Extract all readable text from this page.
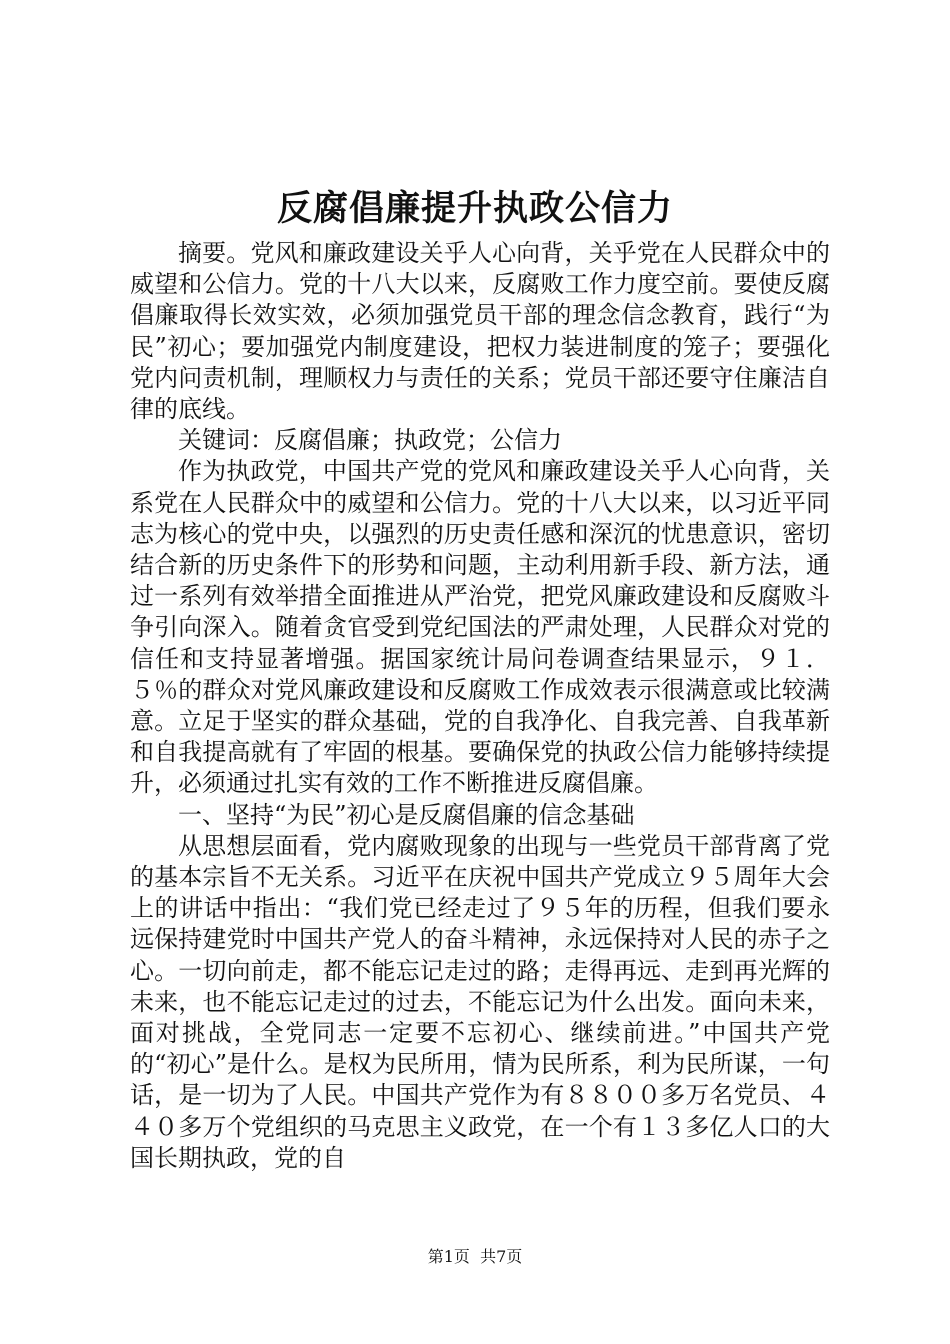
反腐倡廉提升执政公信力

摘要。党风和廉政建设关乎人心向背，关乎党在人民群众中的威望和公信力。党的十八大以来，反腐败工作力度空前。要使反腐倡廉取得长效实效，必须加强党员干部的理念信念教育，践行“为民”初心；要加强党内制度建设，把权力装进制度的笼子；要强化党内问责机制，理顺权力与责任的关系；党员干部还要守住廉洁自律的底线。

关键词：反腐倡廉；执政党；公信力

作为执政党，中国共产党的党风和廉政建设关乎人心向背，关系党在人民群众中的威望和公信力。党的十八大以来，以习近平同志为核心的党中央，以强烈的历史责任感和深沉的忧患意识，密切结合新的历史条件下的形势和问题，主动利用新手段、新方法，通过一系列有效举措全面推进从严治党，把党风廉政建设和反腐败斗争引向深入。随着贪官受到党纪国法的严肃处理，人民群众对党的信任和支持显著增强。据国家统计局问卷调查结果显示，９１．５％的群众对党风廉政建设和反腐败工作成效表示很满意或比较满意。立足于坚实的群众基础，党的自我净化、自我完善、自我革新和自我提高就有了牢固的根基。要确保党的执政公信力能够持续提升，必须通过扎实有效的工作不断推进反腐倡廉。

一、坚持“为民”初心是反腐倡廉的信念基础

从思想层面看，党内腐败现象的出现与一些党员干部背离了党的基本宗旨不无关系。习近平在庆祝中国共产党成立９５周年大会上的讲话中指出：“我们党已经走过了９５年的历程，但我们要永远保持建党时中国共产党人的奋斗精神，永远保持对人民的赤子之心。一切向前走，都不能忘记走过的路；走得再远、走到再光辉的未来，也不能忘记走过的过去，不能忘记为什么出发。面向未来，面对挑战，全党同志一定要不忘初心、继续前进。”中国共产党的“初心”是什么。是权为民所用，情为民所系，利为民所谋，一句话，是一切为了人民。中国共产党作为有８８００多万名党员、４４０多万个党组织的马克思主义政党，在一个有１３多亿人口的大国长期执政，党的自

第1页  共7页
